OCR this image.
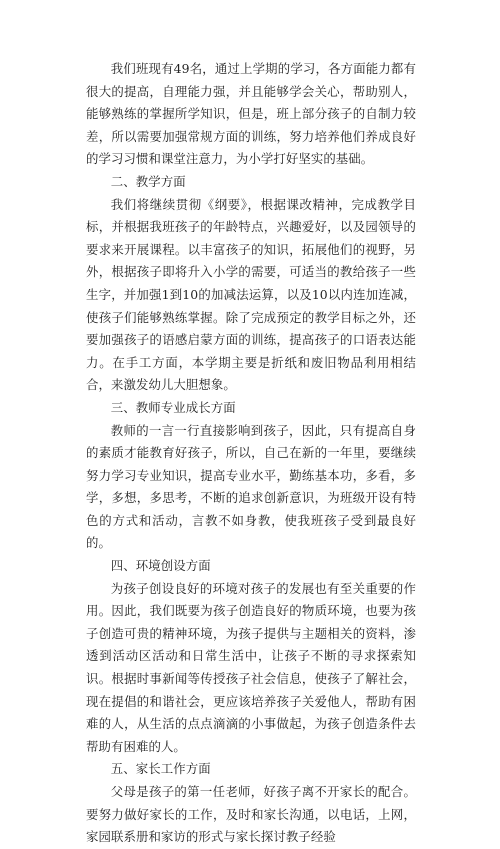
我们班现有49名，通过上学期的学习，各方面能力都有很大的提高，自理能力强，并且能够学会关心，帮助别人，能够熟练的掌握所学知识，但是，班上部分孩子的自制力较差，所以需要加强常规方面的训练，努力培养他们养成良好的学习习惯和课堂注意力，为小学打好坚实的基础。

二、教学方面

我们将继续贯彻《纲要》，根据课改精神，完成教学目标，并根据我班孩子的年龄特点，兴趣爱好，以及园领导的要求来开展课程。以丰富孩子的知识，拓展他们的视野，另外，根据孩子即将升入小学的需要，可适当的教给孩子一些生字，并加强1到10的加减法运算，以及10以内连加连减，使孩子们能够熟练掌握。除了完成预定的教学目标之外，还要加强孩子的语感启蒙方面的训练，提高孩子的口语表达能力。在手工方面，本学期主要是折纸和废旧物品利用相结合，来激发幼儿大胆想象。

三、教师专业成长方面

教师的一言一行直接影响到孩子，因此，只有提高自身的素质才能教育好孩子，所以，自己在新的一年里，要继续努力学习专业知识，提高专业水平，勤练基本功，多看，多学，多想，多思考，不断的追求创新意识，为班级开设有特色的方式和活动，言教不如身教，使我班孩子受到最良好的。

四、环境创设方面

为孩子创设良好的环境对孩子的发展也有至关重要的作用。因此，我们既要为孩子创造良好的物质环境，也要为孩子创造可贵的精神环境，为孩子提供与主题相关的资料，渗透到活动区活动和日常生活中，让孩子不断的寻求探索知识。根据时事新闻等传授孩子社会信息，使孩子了解社会，现在提倡的和谐社会，更应该培养孩子关爱他人，帮助有困难的人，从生活的点点滴滴的小事做起，为孩子创造条件去帮助有困难的人。

五、家长工作方面

父母是孩子的第一任老师，好孩子离不开家长的配合。要努力做好家长的工作，及时和家长沟通，以电话，上网，家园联系册和家访的形式与家长探讨教子经验
